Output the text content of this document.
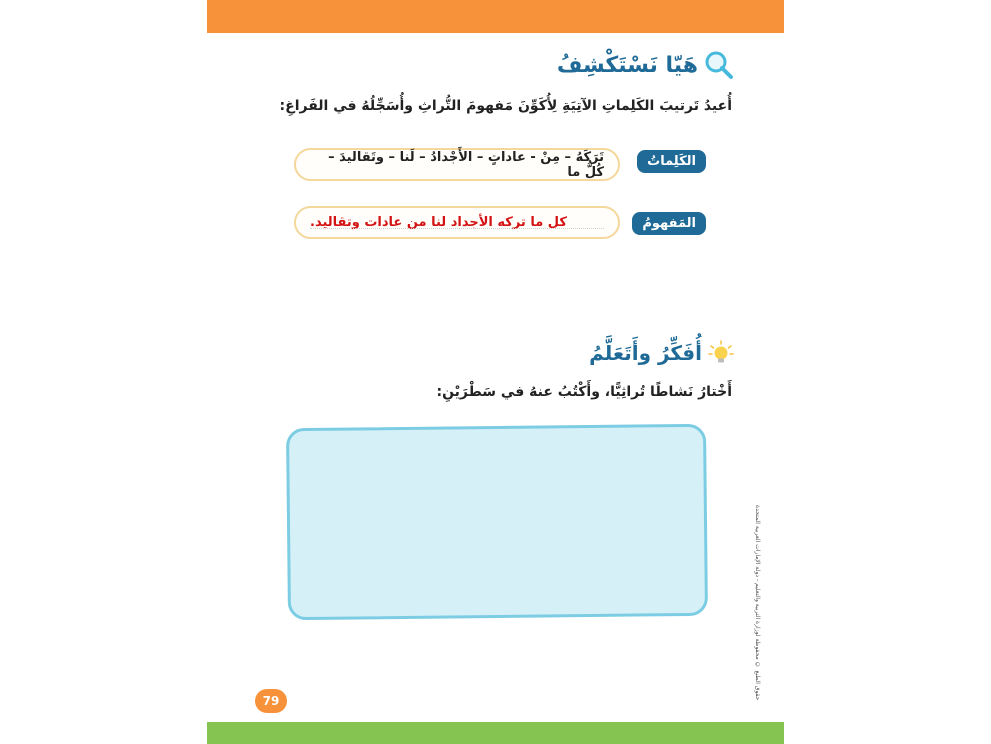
هَيّا نَسْتَكْشِفُ
أُعيدُ تَرتيبَ الكَلِماتِ الآتِيَةِ لِأُكَوِّنَ مَفهومَ التُّراثِ وأُسَجِّلُهُ في الفَراغِ:
الكَلِماتُ
تَرَكَهُ – مِنْ - عاداتٍ – الأَجْدادُ – لَنا – وتَقاليدَ – كُلُّ ما
المَفهومُ
كل ما تركه الأجداد لنا من عادات وتقاليد.
أُفَكِّرُ وأَتَعَلَّمُ
أَخْتارُ نَشاطًا تُراثِيًّا، وأَكْتُبُ عنهُ في سَطْرَيْنِ:
حقوق الطبع © محفوظة لوزارة التربية والتعليم - دولة الإمارات العربية المتحدة
79
